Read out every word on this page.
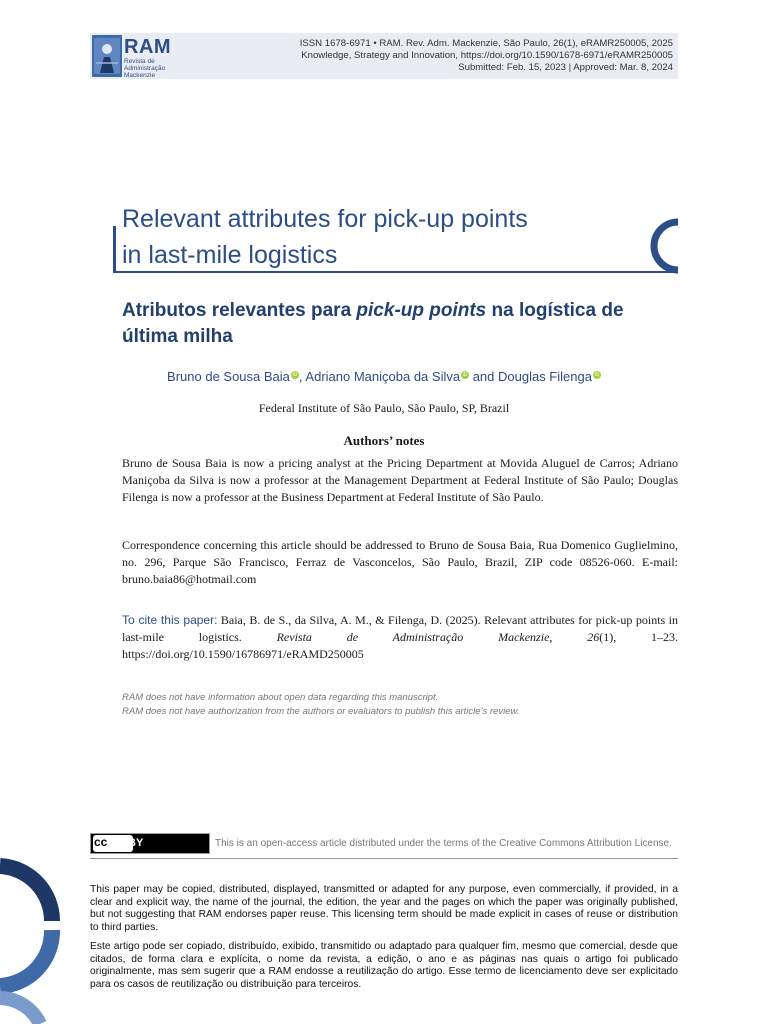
RAM
Revista de Administração Mackenzie
ISSN 1678-6971 • RAM. Rev. Adm. Mackenzie, São Paulo, 26(1), eRAMR250005, 2025
Knowledge, Strategy and Innovation, https://doi.org/10.1590/1678-6971/eRAMR250005
Submitted: Feb. 15, 2023 | Approved: Mar. 8, 2024
Relevant attributes for pick-up points
in last-mile logistics
Atributos relevantes para pick-up points na logística de
última milha
Bruno de Sousa Baia iD , Adriano Maniçoba da Silva iD and Douglas Filenga iD
Federal Institute of São Paulo, São Paulo, SP, Brazil
Authors’ notes
Bruno de Sousa Baia is now a pricing analyst at the Pricing Department at Movida Aluguel de Carros; Adriano Maniçoba da Silva is now a professor at the Management Department at Federal Institute of São Paulo; Douglas Filenga is now a professor at the Business Department at Federal Institute of São Paulo.
Correspondence concerning this article should be addressed to Bruno de Sousa Baia, Rua Domenico Guglielmino, no. 296, Parque São Francisco, Ferraz de Vasconcelos, São Paulo, Brazil, ZIP code 08526-060. E-mail: bruno.baia86@hotmail.com
To cite this paper: Baia, B. de S., da Silva, A. M., & Filenga, D. (2025). Relevant attributes for pick-up points in last-mile logistics. Revista de Administração Mackenzie, 26(1), 1–23. https://doi.org/10.1590/16786971/eRAMD250005
RAM does not have information about open data regarding this manuscript.
RAM does not have authorization from the authors or evaluators to publish this article’s review.
cc BY	This is an open-access article distributed under the terms of the Creative Commons Attribution License.
This paper may be copied, distributed, displayed, transmitted or adapted for any purpose, even commercially, if provided, in a clear and explicit way, the name of the journal, the edition, the year and the pages on which the paper was originally published, but not suggesting that RAM endorses paper reuse. This licensing term should be made explicit in cases of reuse or distribution to third parties.
Este artigo pode ser copiado, distribuído, exibido, transmitido ou adaptado para qualquer fim, mesmo que comercial, desde que citados, de forma clara e explícita, o nome da revista, a edição, o ano e as páginas nas quais o artigo foi publicado originalmente, mas sem sugerir que a RAM endosse a reutilização do artigo. Esse termo de licenciamento deve ser explicitado para os casos de reutilização ou distribuição para terceiros.
